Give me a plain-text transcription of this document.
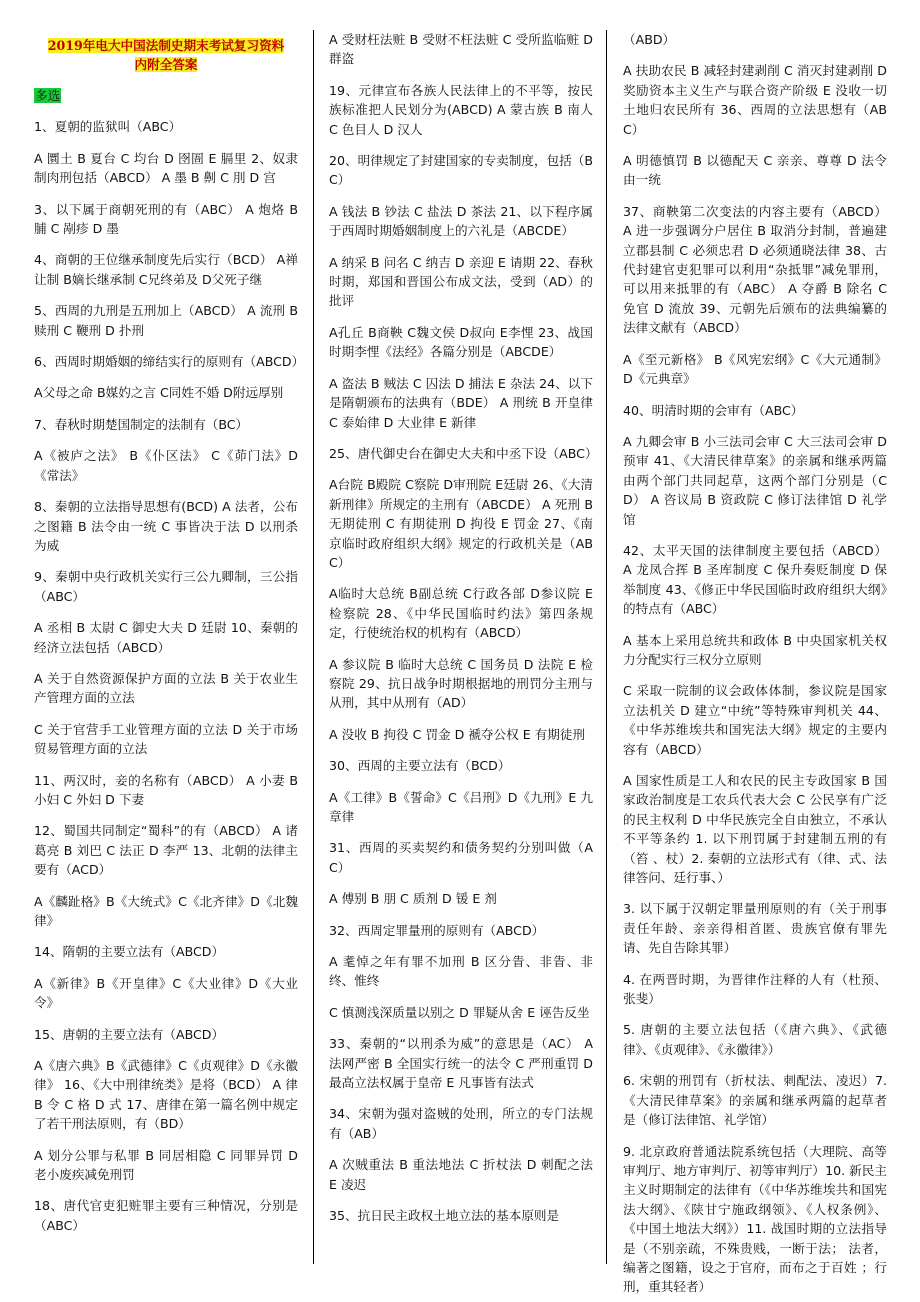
2019年电大中国法制史期末考试复习资料
内附全答案
多选

1、夏朝的监狱叫（ABC）

A 圜土 B 夏台 C 均台 D 囹圄 E 膈里 2、奴隶制肉刑包括（ABCD） A 墨 B 劓 C 刖 D 宫

3、以下属于商朝死刑的有（ABC） A 炮烙 B 脯 C 剐疹 D 墨

4、商朝的王位继承制度先后实行（BCD） A禅让制 B嫡长继承制 C兄终弟及 D父死子继

5、西周的九刑是五刑加上（ABCD） A 流刑 B 赎刑 C 鞭刑 D 扑刑

6、西周时期婚姻的缔结实行的原则有（ABCD）

A父母之命 B媒妁之言 C同姓不婚 D附远厚别

7、春秋时期楚国制定的法制有（BC）

A《被庐之法》 B《仆区法》 C《茆门法》D《常法》

8、秦朝的立法指导思想有(BCD) A 法者，公布之图籍 B 法令由一统 C 事皆决于法 D 以刑杀为威

9、秦朝中央行政机关实行三公九卿制，三公指（ABC）

A 丞相 B 太尉 C 御史大夫 D 廷尉 10、秦朝的经济立法包括（ABCD）

A 关于自然资源保护方面的立法 B 关于农业生产管理方面的立法

C 关于官营手工业管理方面的立法 D 关于市场贸易管理方面的立法

11、两汉时，妾的名称有（ABCD） A 小妻 B 小妇 C 外妇 D 下妻

12、蜀国共同制定“蜀科”的有（ABCD） A 诸葛亮 B 刘巴 C 法正 D 李严 13、北朝的法律主要有（ACD）

A《麟趾格》B《大统式》C《北齐律》D《北魏律》

14、隋朝的主要立法有（ABCD）

A《新律》B《开皇律》C《大业律》D《大业令》

15、唐朝的主要立法有（ABCD）

A《唐六典》B《武德律》C《贞观律》D《永徽律》 16、《大中刑律统类》是将（BCD） A 律 B 令 C 格 D 式 17、唐律在第一篇名例中规定了若干刑法原则，有（BD）

A 划分公罪与私罪 B 同居相隐 C 同罪异罚 D 老小废疾减免刑罚

18、唐代官吏犯赃罪主要有三种情况，分别是（ABC）

A 受财枉法赃 B 受财不枉法赃 C 受所监临赃 D 群盗

19、元律宣布各族人民法律上的不平等，按民族标准把人民划分为(ABCD) A 蒙古族 B 南人 C 色目人 D 汉人

20、明律规定了封建国家的专卖制度，包括（BC）

A 钱法 B 钞法 C 盐法 D 茶法 21、以下程序属于西周时期婚姻制度上的六礼是（ABCDE）

A 纳采 B 问名 C 纳吉 D 亲迎 E 请期 22、春秋时期，郑国和晋国公布成文法，受到（AD）的批评

A孔丘 B商鞅 C魏文侯 D叔向 E李悝 23、战国时期李悝《法经》各篇分别是（ABCDE）

A 盗法 B 贼法 C 囚法 D 捕法 E 杂法 24、以下是隋朝颁布的法典有（BDE） A 刑统 B 开皇律 C 泰始律 D 大业律 E 新律

25、唐代御史台在御史大夫和中丞下设（ABC）

A台院 B殿院 C察院 D审刑院 E廷尉 26、《大清新刑律》所规定的主刑有（ABCDE） A 死刑 B 无期徒刑 C 有期徒刑 D 拘役 E 罚金 27、《南京临时政府组织大纲》规定的行政机关是（ABC）

A临时大总统 B副总统 C行政各部 D参议院 E 检察院 28、《中华民国临时约法》第四条规定，行使统治权的机构有（ABCD）

A 参议院 B 临时大总统 C 国务员 D 法院 E 检察院 29、抗日战争时期根据地的刑罚分主刑与从刑，其中从刑有（AD）

A 没收 B 拘役 C 罚金 D 褫夺公权 E 有期徒刑

30、西周的主要立法有（BCD）

A《工律》B《誓命》C《吕刑》D《九刑》E 九章律

31、西周的买卖契约和债务契约分别叫做（AC）

A 傅别 B 朋 C 质剂 D 锾 E 剂

32、西周定罪量刑的原则有（ABCD）

A 耄悼之年有罪不加刑 B 区分眚、非眚、非终、惟终

C 慎测浅深质量以别之 D 罪疑从舍 E 诬告反坐

33、秦朝的“以刑杀为威”的意思是（AC） A 法网严密 B 全国实行统一的法令 C 严刑重罚 D 最高立法权属于皇帝 E 凡事皆有法式

34、宋朝为强对盗贼的处刑，所立的专门法规有（AB）

A 次贼重法 B 重法地法 C 折杖法 D 刺配之法 E 凌迟

35、抗日民主政权土地立法的基本原则是

（ABD）

A 扶助农民 B 减轻封建剥削 C 消灭封建剥削 D 奖励资本主义生产与联合资产阶级 E 没收一切土地归农民所有 36、西周的立法思想有（ABC）

A 明德慎罚 B 以德配天 C 亲亲、尊尊 D 法令由一统

37、商鞅第二次变法的内容主要有（ABCD） A 进一步强调分户居住 B 取消分封制，普遍建立郡县制 C 必须忠君 D 必须通晓法律 38、古代封建官吏犯罪可以利用“杂抵罪”减免罪刑，可以用来抵罪的有（ABC） A 夺爵 B 除名 C 免官 D 流放 39、元朝先后颁布的法典编纂的法律文献有（ABCD）

A《至元新格》 B《风宪宏纲》C《大元通制》D《元典章》

40、明清时期的会审有（ABC）

A 九卿会审 B 小三法司会审 C 大三法司会审 D 预审 41、《大清民律草案》的亲属和继承两篇由两个部门共同起草，这两个部门分别是（CD） A 咨议局 B 资政院 C 修订法律馆 D 礼学馆

42、太平天国的法律制度主要包括（ABCD） A 龙凤合挥 B 圣库制度 C 保升奏贬制度 D 保举制度 43、《修正中华民国临时政府组织大纲》的特点有（ABC）

A 基本上采用总统共和政体 B 中央国家机关权力分配实行三权分立原则

C 采取一院制的议会政体体制，参议院是国家立法机关 D 建立“中统”等特殊审判机关 44、《中华苏维埃共和国宪法大纲》规定的主要内容有（ABCD）

A 国家性质是工人和农民的民主专政国家 B 国家政治制度是工农兵代表大会 C 公民享有广泛的民主权利 D 中华民族完全自由独立，不承认不平等条约 1. 以下刑罚属于封建制五刑的有（笞 、杖）2. 秦朝的立法形式有（律、式、法律答问、廷行事、）

3. 以下属于汉朝定罪量刑原则的有（关于刑事责任年龄、亲亲得相首匿、贵族官僚有罪先请、先自告除其罪）

4. 在两晋时期，为晋律作注释的人有（杜预、张斐）

5. 唐朝的主要立法包括（《唐六典》、《武德律》、《贞观律》、《永徽律》）

6. 宋朝的刑罚有（折杖法、刺配法、凌迟）7.《大清民律草案》的亲属和继承两篇的起草者是（修订法律馆、礼学馆）

9. 北京政府普通法院系统包括（大理院、高等审判厅、地方审判厅、初等审判厅）10. 新民主主义时期制定的法律有（《中华苏维埃共和国宪法大纲》、《陕甘宁施政纲领》、《人权条例》、《中国土地法大纲》）11. 战国时期的立法指导是（不别亲疏，不殊贵贱，一断于法； 法者，编著之图籍，设之于官府，而布之于百姓 ；行刑，重其轻者）
